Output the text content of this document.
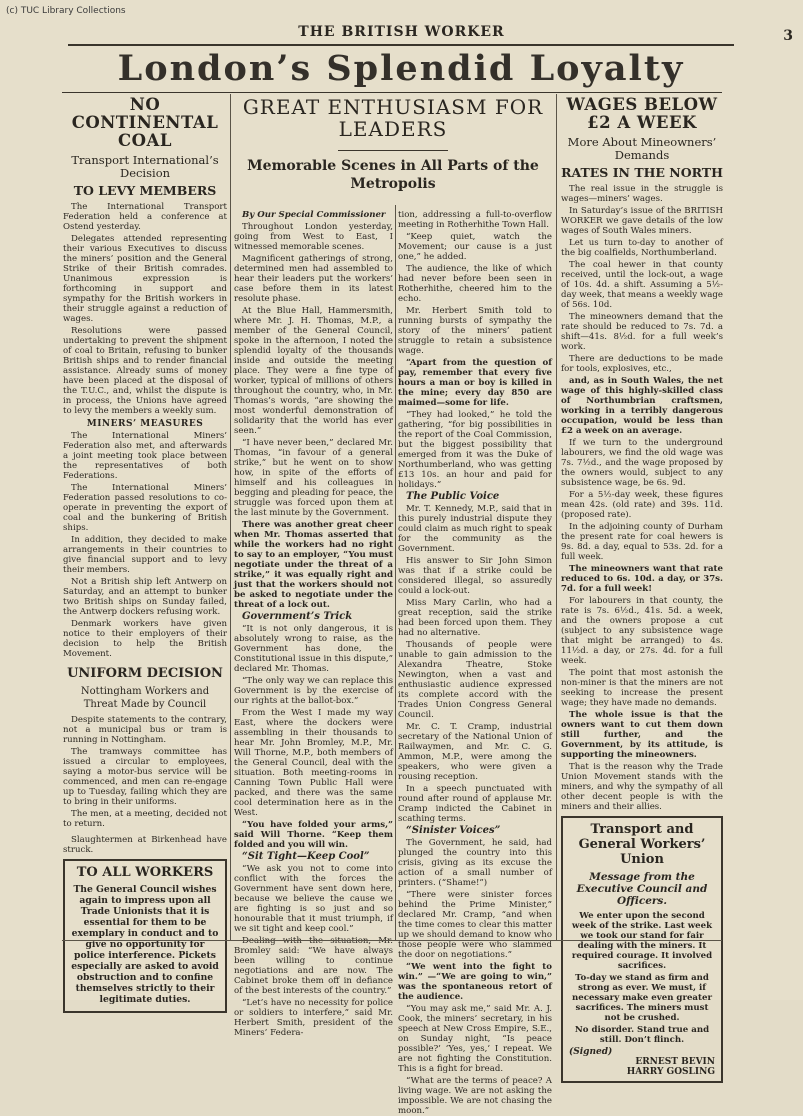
(c) TUC Library Collections
THE BRITISH WORKER	3
London’s Splendid Loyalty
NO CONTINENTAL COAL
Transport International’s Decision
TO LEVY MEMBERS

The International Transport Federation held a conference at Ostend yesterday.

Delegates attended representing their various Executives to discuss the miners’ position and the General Strike of their British comrades. Unanimous expression is forthcoming in support and sympathy for the British workers in their struggle against a reduction of wages.

Resolutions were passed undertaking to prevent the shipment of coal to Britain, refusing to bunker British ships and to render financial assistance. Already sums of money have been placed at the disposal of the T.U.C., and, whilst the dispute is in process, the Unions have agreed to levy the members a weekly sum.

MINERS’ MEASURES

The International Miners’ Federation also met, and afterwards a joint meeting took place between the representatives of both Federations.

The International Miners’ Federation passed resolutions to co-operate in preventing the export of coal and the bunkering of British ships.

In addition, they decided to make arrangements in their countries to give financial support and to levy their members.

Not a British ship left Antwerp on Saturday, and an attempt to bunker two British ships on Sunday failed, the Antwerp dockers refusing work.

Denmark workers have given notice to their employers of their decision to help the British Movement.

UNIFORM DECISION
Nottingham Workers and Threat Made by Council

Despite statements to the contrary, not a municipal bus or tram is running in Nottingham.

The tramways committee has issued a circular to employees, saying a motor-bus service will be commenced, and men can re-engage up to Tuesday, failing which they are to bring in their uniforms.

The men, at a meeting, decided not to return.

Slaughtermen at Birkenhead have struck.

TO ALL WORKERS

The General Council wishes again to impress upon all Trade Unionists that it is essential for them to be exemplary in conduct and to give no opportunity for police interference. Pickets especially are asked to avoid obstruction and to confine themselves strictly to their legitimate duties.

GREAT ENTHUSIASM FOR LEADERS
Memorable Scenes in All Parts of the Metropolis

By Our Special Commissioner

Throughout London yesterday, going from West to East, I witnessed memorable scenes.

Magnificent gatherings of strong, determined men had assembled to hear their leaders put the workers’ case before them in its latest resolute phase.

At the Blue Hall, Hammersmith, where Mr. J. H. Thomas, M.P., a member of the General Council, spoke in the afternoon, I noted the splendid loyalty of the thousands inside and outside the meeting place. They were a fine type of worker, typical of millions of others throughout the country, who, in Mr. Thomas’s words, “are showing the most wonderful demonstration of solidarity that the world has ever seen.”

“I have never been,” declared Mr. Thomas, “in favour of a general strike,” but he went on to show how, in spite of the efforts of himself and his colleagues in begging and pleading for peace, the struggle was forced upon them at the last minute by the Government.

There was another great cheer when Mr. Thomas asserted that while the workers had no right to say to an employer, “You must negotiate under the threat of a strike,” it was equally right and just that the workers should not be asked to negotiate under the threat of a lock out.

Government’s Trick

“It is not only dangerous, it is absolutely wrong to raise, as the Government has done, the Constitutional issue in this dispute,” declared Mr. Thomas.

“The only way we can replace this Government is by the exercise of our rights at the ballot-box.”

From the West I made my way East, where the dockers were assembling in their thousands to hear Mr. John Bromley, M.P., Mr. Will Thorne, M.P., both members of the General Council, deal with the situation. Both meeting-rooms in Canning Town Public Hall were packed, and there was the same cool determination here as in the West.

“You have folded your arms,” said Will Thorne. “Keep them folded and you will win.

“Sit Tight—Keep Cool”

“We ask you not to come into conflict with the forces the Government have sent down here, because we believe the cause we are fighting is so just and so honourable that it must triumph, if we sit tight and keep cool.”

Dealing with the situation, Mr. Bromley said: “We have always been willing to continue negotiations and are now. The Cabinet broke them off in defiance of the best interests of the country.”

“Let’s have no necessity for police or soldiers to interfere,” said Mr. Herbert Smith, president of the Miners’ Federa-

tion, addressing a full-to-overflow meeting in Rotherhithe Town Hall.

“Keep quiet, watch the Movement; our cause is a just one,” he added.

The audience, the like of which had never before been seen in Rotherhithe, cheered him to the echo.

Mr. Herbert Smith told to running bursts of sympathy the story of the miners’ patient struggle to retain a subsistence wage.

“Apart from the question of pay, remember that every five hours a man or boy is killed in the mine; every day 850 are maimed—some for life.

“They had looked,” he told the gathering, “for big possibilities in the report of the Coal Commission, but the biggest possibility that emerged from it was the Duke of Northumberland, who was getting £13 10s. an hour and paid for holidays.”

The Public Voice

Mr. T. Kennedy, M.P., said that in this purely industrial dispute they could claim as much right to speak for the community as the Government.

His answer to Sir John Simon was that if a strike could be considered illegal, so assuredly could a lock-out.

Miss Mary Carlin, who had a great reception, said the strike had been forced upon them. They had no alternative.

Thousands of people were unable to gain admission to the Alexandra Theatre, Stoke Newington, when a vast and enthusiastic audience expressed its complete accord with the Trades Union Congress General Council.

Mr. C. T. Cramp, industrial secretary of the National Union of Railwaymen, and Mr. C. G. Ammon, M.P., were among the speakers, who were given a rousing reception.

In a speech punctuated with round after round of applause Mr. Cramp indicted the Cabinet in scathing terms.

“Sinister Voices”

The Government, he said, had plunged the country into this crisis, giving as its excuse the action of a small number of printers. (“Shame!”)

“There were sinister forces behind the Prime Minister,” declared Mr. Cramp, “and when the time comes to clear this matter up we should demand to know who those people were who slammed the door on negotiations.”

“We went into the fight to win.” —“We are going to win,” was the spontaneous retort of the audience.

“You may ask me,” said Mr. A. J. Cook, the miners’ secretary, in his speech at New Cross Empire, S.E., on Sunday night, “Is peace possible?’ ‘Yes, yes,’ I repeat. We are not fighting the Constitution. This is a fight for bread.

“What are the terms of peace? A living wage. We are not asking the impossible. We are not chasing the moon.”

WAGES BELOW £2 A WEEK
More About Mineowners’ Demands
RATES IN THE NORTH

The real issue in the struggle is wages—miners’ wages.

In Saturday’s issue of the BRITISH WORKER we gave details of the low wages of South Wales miners.

Let us turn to-day to another of the big coalfields, Northumberland.

The coal hewer in that county received, until the lock-out, a wage of 10s. 4d. a shift. Assuming a 5½-day week, that means a weekly wage of 56s. 10d.

The mineowners demand that the rate should be reduced to 7s. 7d. a shift—41s. 8½d. for a full week’s work.

There are deductions to be made for tools, explosives, etc.,

and, as in South Wales, the net wage of this highly-skilled class of Northumbrian craftsmen, working in a terribly dangerous occupation, would be less than £2 a week on an average.

If we turn to the underground labourers, we find the old wage was 7s. 7½d., and the wage proposed by the owners would, subject to any subsistence wage, be 6s. 9d.

For a 5½-day week, these figures mean 42s. (old rate) and 39s. 11d. (proposed rate).

In the adjoining county of Durham the present rate for coal hewers is 9s. 8d. a day, equal to 53s. 2d. for a full week.

The mineowners want that rate reduced to 6s. 10d. a day, or 37s. 7d. for a full week!

For labourers in that county, the rate is 7s. 6½d., 41s. 5d. a week, and the owners propose a cut (subject to any subsistence wage that might be arranged) to 4s. 11½d. a day, or 27s. 4d. for a full week.

The point that most astonish the non-miner is that the miners are not seeking to increase the present wage; they have made no demands.

The whole issue is that the owners want to cut them down still further, and the Government, by its attitude, is supporting the mineowners.

That is the reason why the Trade Union Movement stands with the miners, and why the sympathy of all other decent people is with the miners and their allies.

Transport and General Workers’ Union
Message from the Executive Council and Officers.

We enter upon the second week of the strike. Last week we took our stand for fair dealing with the miners. It required courage. It involved sacrifices.

To-day we stand as firm and strong as ever. We must, if necessary make even greater sacrifices. The miners must not be crushed.

No disorder. Stand true and still. Don’t flinch.

(Signed)
ERNEST BEVIN
HARRY GOSLING
